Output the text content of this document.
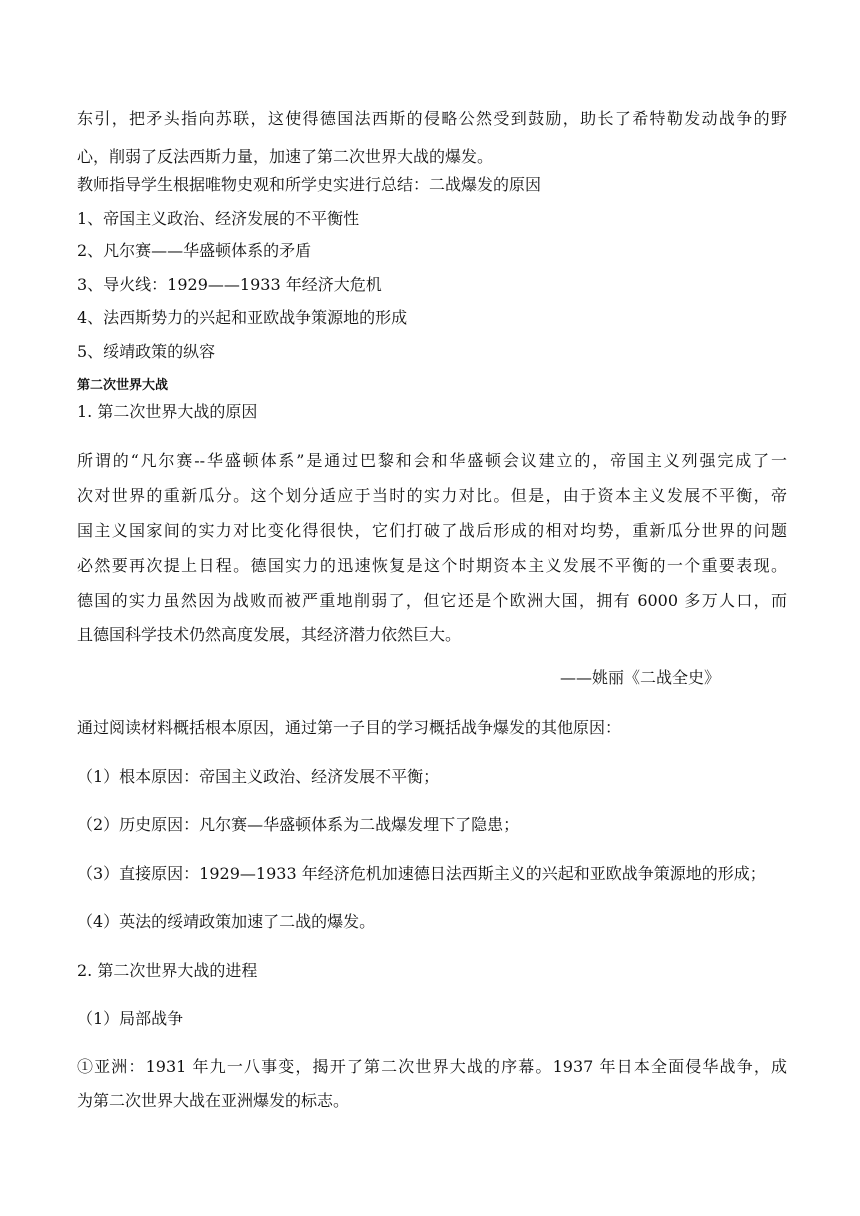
东引，把矛头指向苏联，这使得德国法西斯的侵略公然受到鼓励，助长了希特勒发动战争的野
心，削弱了反法西斯力量，加速了第二次世界大战的爆发。
教师指导学生根据唯物史观和所学史实进行总结：二战爆发的原因
1、帝国主义政治、经济发展的不平衡性
2、凡尔赛——华盛顿体系的矛盾
3、导火线：1929——1933 年经济大危机
4、法西斯势力的兴起和亚欧战争策源地的形成
5、绥靖政策的纵容
第二次世界大战
1. 第二次世界大战的原因
所谓的“凡尔赛--华盛顿体系”是通过巴黎和会和华盛顿会议建立的，帝国主义列强完成了一
次对世界的重新瓜分。这个划分适应于当时的实力对比。但是，由于资本主义发展不平衡，帝
国主义国家间的实力对比变化得很快，它们打破了战后形成的相对均势，重新瓜分世界的问题
必然要再次提上日程。德国实力的迅速恢复是这个时期资本主义发展不平衡的一个重要表现。
德国的实力虽然因为战败而被严重地削弱了，但它还是个欧洲大国，拥有 6000 多万人口，而
且德国科学技术仍然高度发展，其经济潜力依然巨大。
——姚丽《二战全史》
通过阅读材料概括根本原因，通过第一子目的学习概括战争爆发的其他原因：
（1）根本原因：帝国主义政治、经济发展不平衡；
（2）历史原因：凡尔赛—华盛顿体系为二战爆发埋下了隐患；
（3）直接原因：1929—1933 年经济危机加速德日法西斯主义的兴起和亚欧战争策源地的形成；
（4）英法的绥靖政策加速了二战的爆发。
2. 第二次世界大战的进程
（1）局部战争
①亚洲：1931 年九一八事变，揭开了第二次世界大战的序幕。1937 年日本全面侵华战争，成
为第二次世界大战在亚洲爆发的标志。
